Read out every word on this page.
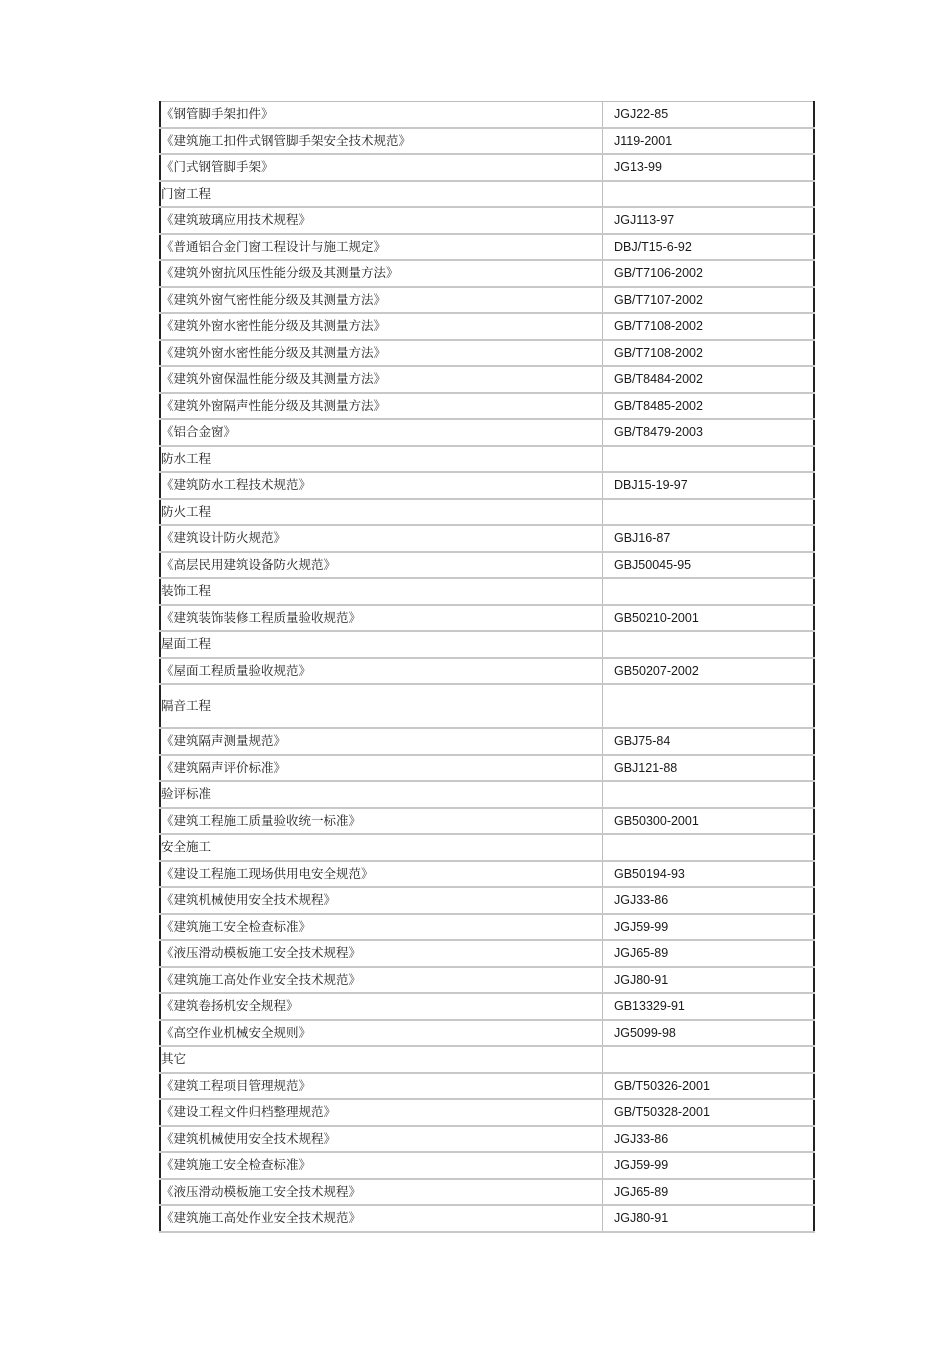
《钢管脚手架扣件》	JGJ22-85
《建筑施工扣件式钢管脚手架安全技术规范》	J119-2001
《门式钢管脚手架》	JG13-99
门窗工程	
《建筑玻璃应用技术规程》	JGJ113-97
《普通铝合金门窗工程设计与施工规定》	DBJ/T15-6-92
《建筑外窗抗风压性能分级及其测量方法》	GB/T7106-2002
《建筑外窗气密性能分级及其测量方法》	GB/T7107-2002
《建筑外窗水密性能分级及其测量方法》	GB/T7108-2002
《建筑外窗水密性能分级及其测量方法》	GB/T7108-2002
《建筑外窗保温性能分级及其测量方法》	GB/T8484-2002
《建筑外窗隔声性能分级及其测量方法》	GB/T8485-2002
《铝合金窗》	GB/T8479-2003
防水工程	
《建筑防水工程技术规范》	DBJ15-19-97
防火工程	
《建筑设计防火规范》	GBJ16-87
《高层民用建筑设备防火规范》	GBJ50045-95
装饰工程	
《建筑装饰装修工程质量验收规范》	GB50210-2001
屋面工程	
《屋面工程质量验收规范》	GB50207-2002
隔音工程	
《建筑隔声测量规范》	GBJ75-84
《建筑隔声评价标准》	GBJ121-88
验评标准	
《建筑工程施工质量验收统一标准》	GB50300-2001
安全施工	
《建设工程施工现场供用电安全规范》	GB50194-93
《建筑机械使用安全技术规程》	JGJ33-86
《建筑施工安全检查标准》	JGJ59-99
《液压滑动模板施工安全技术规程》	JGJ65-89
《建筑施工高处作业安全技术规范》	JGJ80-91
《建筑卷扬机安全规程》	GB13329-91
《高空作业机械安全规则》	JG5099-98
其它	
《建筑工程项目管理规范》	GB/T50326-2001
《建设工程文件归档整理规范》	GB/T50328-2001
《建筑机械使用安全技术规程》	JGJ33-86
《建筑施工安全检查标准》	JGJ59-99
《液压滑动模板施工安全技术规程》	JGJ65-89
《建筑施工高处作业安全技术规范》	JGJ80-91
